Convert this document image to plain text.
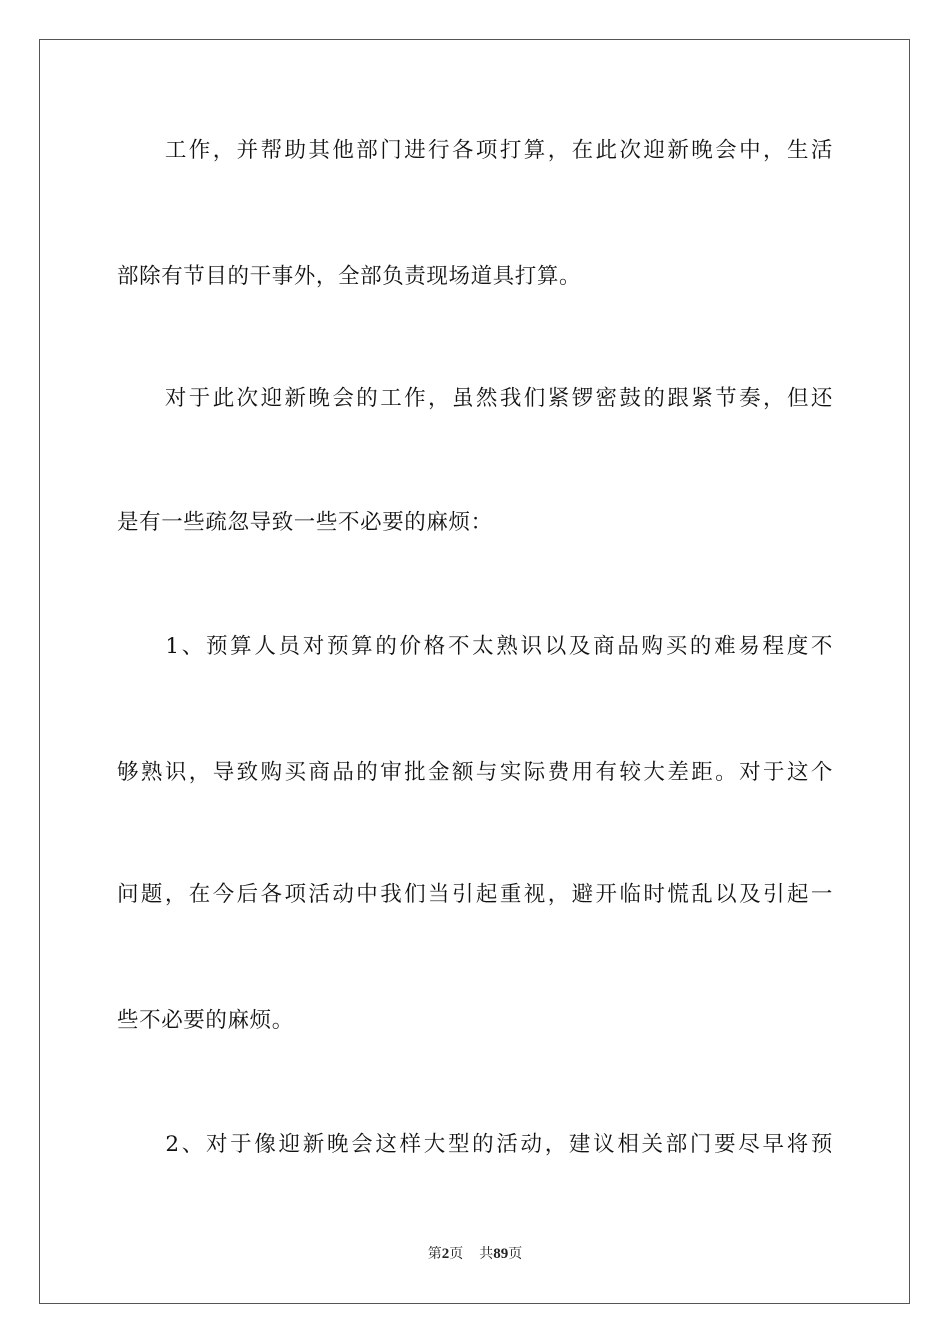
　　工作，并帮助其他部门进行各项打算，在此次迎新晚会中，生活
部除有节目的干事外，全部负责现场道具打算。
　　对于此次迎新晚会的工作，虽然我们紧锣密鼓的跟紧节奏，但还
是有一些疏忽导致一些不必要的麻烦：
　　1、预算人员对预算的价格不太熟识以及商品购买的难易程度不
够熟识，导致购买商品的审批金额与实际费用有较大差距。对于这个
问题，在今后各项活动中我们当引起重视，避开临时慌乱以及引起一
些不必要的麻烦。
　　2、对于像迎新晚会这样大型的活动，建议相关部门要尽早将预
第2页 共89页
